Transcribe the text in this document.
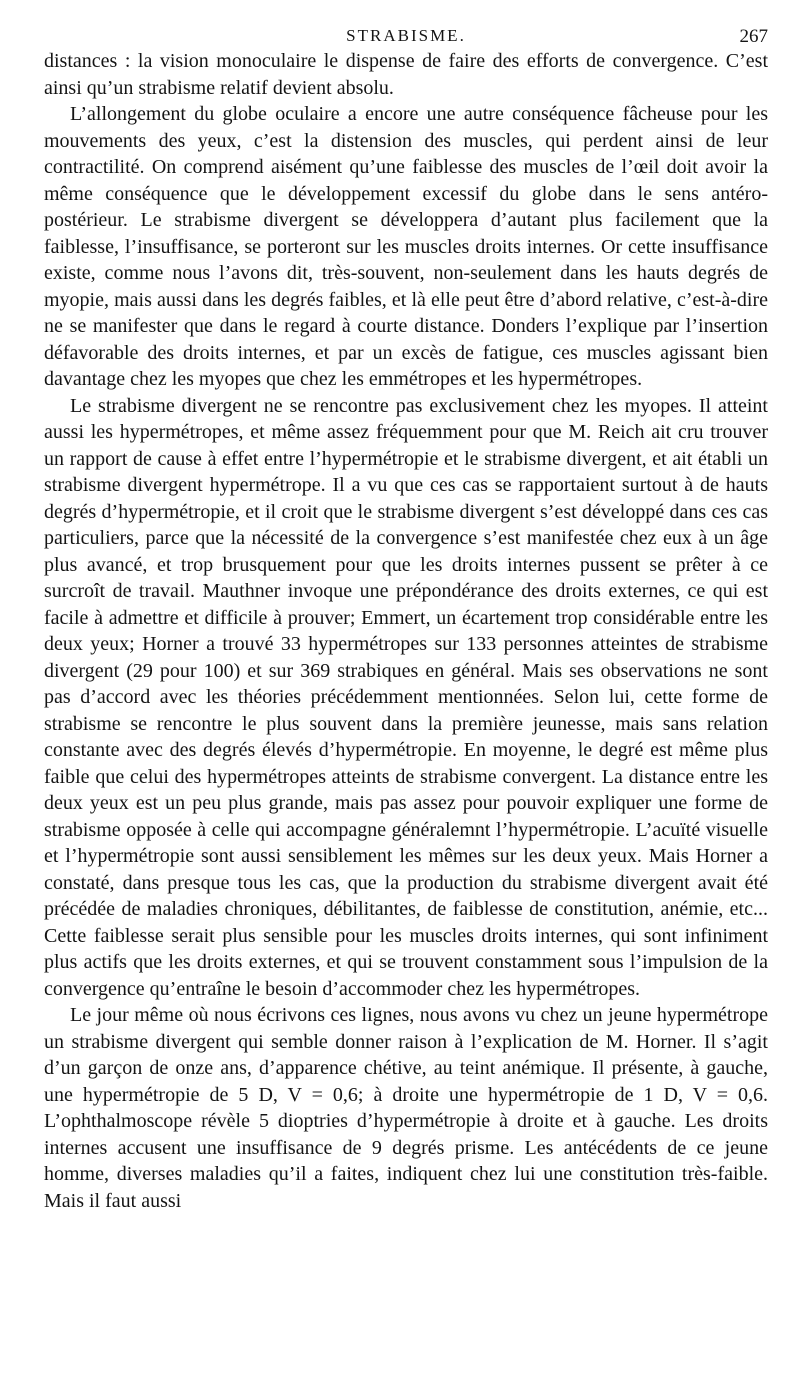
STRABISME.	267

distances : la vision monoculaire le dispense de faire des efforts de convergence. C’est ainsi qu’un strabisme relatif devient absolu.

L’allongement du globe oculaire a encore une autre conséquence fâcheuse pour les mouvements des yeux, c’est la distension des muscles, qui perdent ainsi de leur contractilité. On comprend aisément qu’une faiblesse des muscles de l’œil doit avoir la même conséquence que le développement excessif du globe dans le sens antéro-postérieur. Le strabisme divergent se développera d’autant plus facilement que la faiblesse, l’insuffisance, se porteront sur les muscles droits internes. Or cette insuffisance existe, comme nous l’avons dit, très-souvent, non-seulement dans les hauts degrés de myopie, mais aussi dans les degrés faibles, et là elle peut être d’abord relative, c’est-à-dire ne se manifester que dans le regard à courte distance. Donders l’explique par l’insertion défavorable des droits internes, et par un excès de fatigue, ces muscles agissant bien davantage chez les myopes que chez les emmétropes et les hypermétropes.

Le strabisme divergent ne se rencontre pas exclusivement chez les myopes. Il atteint aussi les hypermétropes, et même assez fréquemment pour que M. Reich ait cru trouver un rapport de cause à effet entre l’hypermétropie et le strabisme divergent, et ait établi un strabisme divergent hypermétrope. Il a vu que ces cas se rapportaient surtout à de hauts degrés d’hypermétropie, et il croit que le strabisme divergent s’est développé dans ces cas particuliers, parce que la nécessité de la convergence s’est manifestée chez eux à un âge plus avancé, et trop brusquement pour que les droits internes pussent se prêter à ce surcroît de travail. Mauthner invoque une prépondérance des droits externes, ce qui est facile à admettre et difficile à prouver; Emmert, un écartement trop considérable entre les deux yeux; Horner a trouvé 33 hypermétropes sur 133 personnes atteintes de strabisme divergent (29 pour 100) et sur 369 strabiques en général. Mais ses observations ne sont pas d’accord avec les théories précédemment mentionnées. Selon lui, cette forme de strabisme se rencontre le plus souvent dans la première jeunesse, mais sans relation constante avec des degrés élevés d’hypermétropie. En moyenne, le degré est même plus faible que celui des hypermétropes atteints de strabisme convergent. La distance entre les deux yeux est un peu plus grande, mais pas assez pour pouvoir expliquer une forme de strabisme opposée à celle qui accompagne généralemnt l’hypermétropie. L’acuïté visuelle et l’hypermétropie sont aussi sensiblement les mêmes sur les deux yeux. Mais Horner a constaté, dans presque tous les cas, que la production du strabisme divergent avait été précédée de maladies chroniques, débilitantes, de faiblesse de constitution, anémie, etc... Cette faiblesse serait plus sensible pour les muscles droits internes, qui sont infiniment plus actifs que les droits externes, et qui se trouvent constamment sous l’impulsion de la convergence qu’entraîne le besoin d’accommoder chez les hypermétropes.

Le jour même où nous écrivons ces lignes, nous avons vu chez un jeune hypermétrope un strabisme divergent qui semble donner raison à l’explication de M. Horner. Il s’agit d’un garçon de onze ans, d’apparence chétive, au teint anémique. Il présente, à gauche, une hypermétropie de 5 D, V = 0,6; à droite une hypermétropie de 1 D, V = 0,6. L’ophthalmoscope révèle 5 dioptries d’hypermétropie à droite et à gauche. Les droits internes accusent une insuffisance de 9 degrés prisme. Les antécédents de ce jeune homme, diverses maladies qu’il a faites, indiquent chez lui une constitution très-faible. Mais il faut aussi
